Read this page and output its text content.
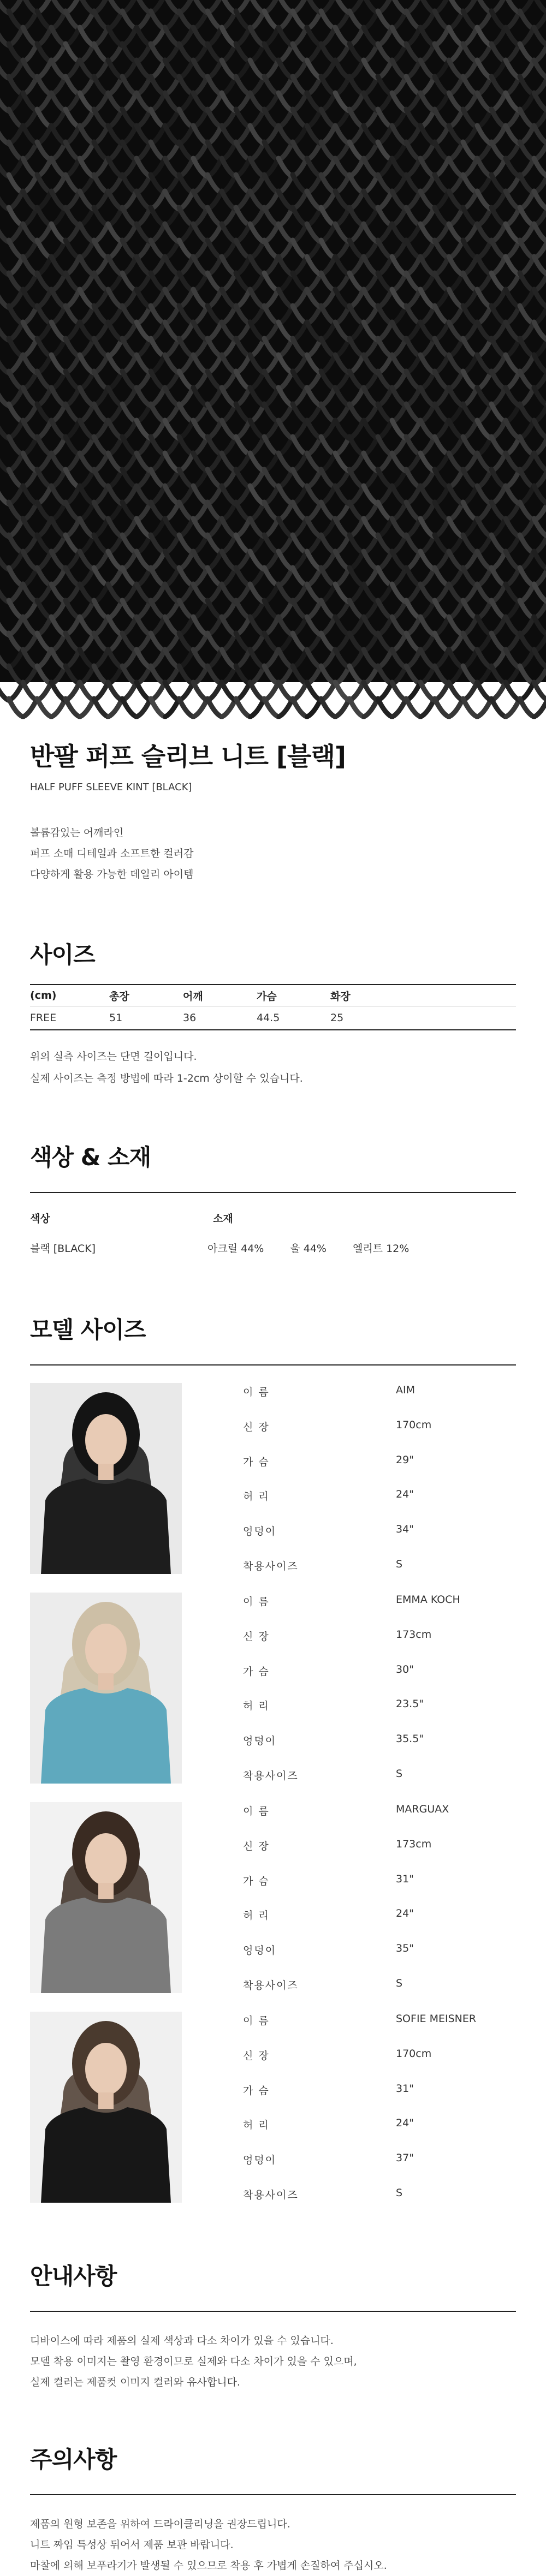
반팔 퍼프 슬리브 니트 [블랙]
HALF PUFF SLEEVE KINT [BLACK]
볼륨감있는 어깨라인
퍼프 소매 디테일과 소프트한 컬러감
다양하게 활용 가능한 데일리 아이템
사이즈
(cm)	총장	어깨	가슴	화장
FREE	51	36	44.5	25
위의 실측 사이즈는 단면 길이입니다.
실제 사이즈는 측정 방법에 따라 1-2cm 상이할 수 있습니다.
색상 & 소재
색상	소재
블랙 [BLACK]	아크릴 44%	울 44%	엘리트 12%
모델 사이즈
이 름	AIM
신 장	170cm
가 슴	29"
허 리	24"
엉덩이	34"
착용사이즈	S
이 름	EMMA KOCH
신 장	173cm
가 슴	30"
허 리	23.5"
엉덩이	35.5"
착용사이즈	S
이 름	MARGUAX
신 장	173cm
가 슴	31"
허 리	24"
엉덩이	35"
착용사이즈	S
이 름	SOFIE MEISNER
신 장	170cm
가 슴	31"
허 리	24"
엉덩이	37"
착용사이즈	S
안내사항
디바이스에 따라 제품의 실제 색상과 다소 차이가 있을 수 있습니다.
모델 착용 이미지는 촬영 환경이므로 실제와 다소 차이가 있을 수 있으며,
실제 컬러는 제품컷 이미지 컬러와 유사합니다.
주의사항
제품의 원형 보존을 위하여 드라이클리닝을 권장드립니다.
니트 짜임 특성상 뒤어서 제품 보관 바랍니다.
마찰에 의해 보푸라기가 발생될 수 있으므로 착용 후 가볍게 손질하여 주십시오.
